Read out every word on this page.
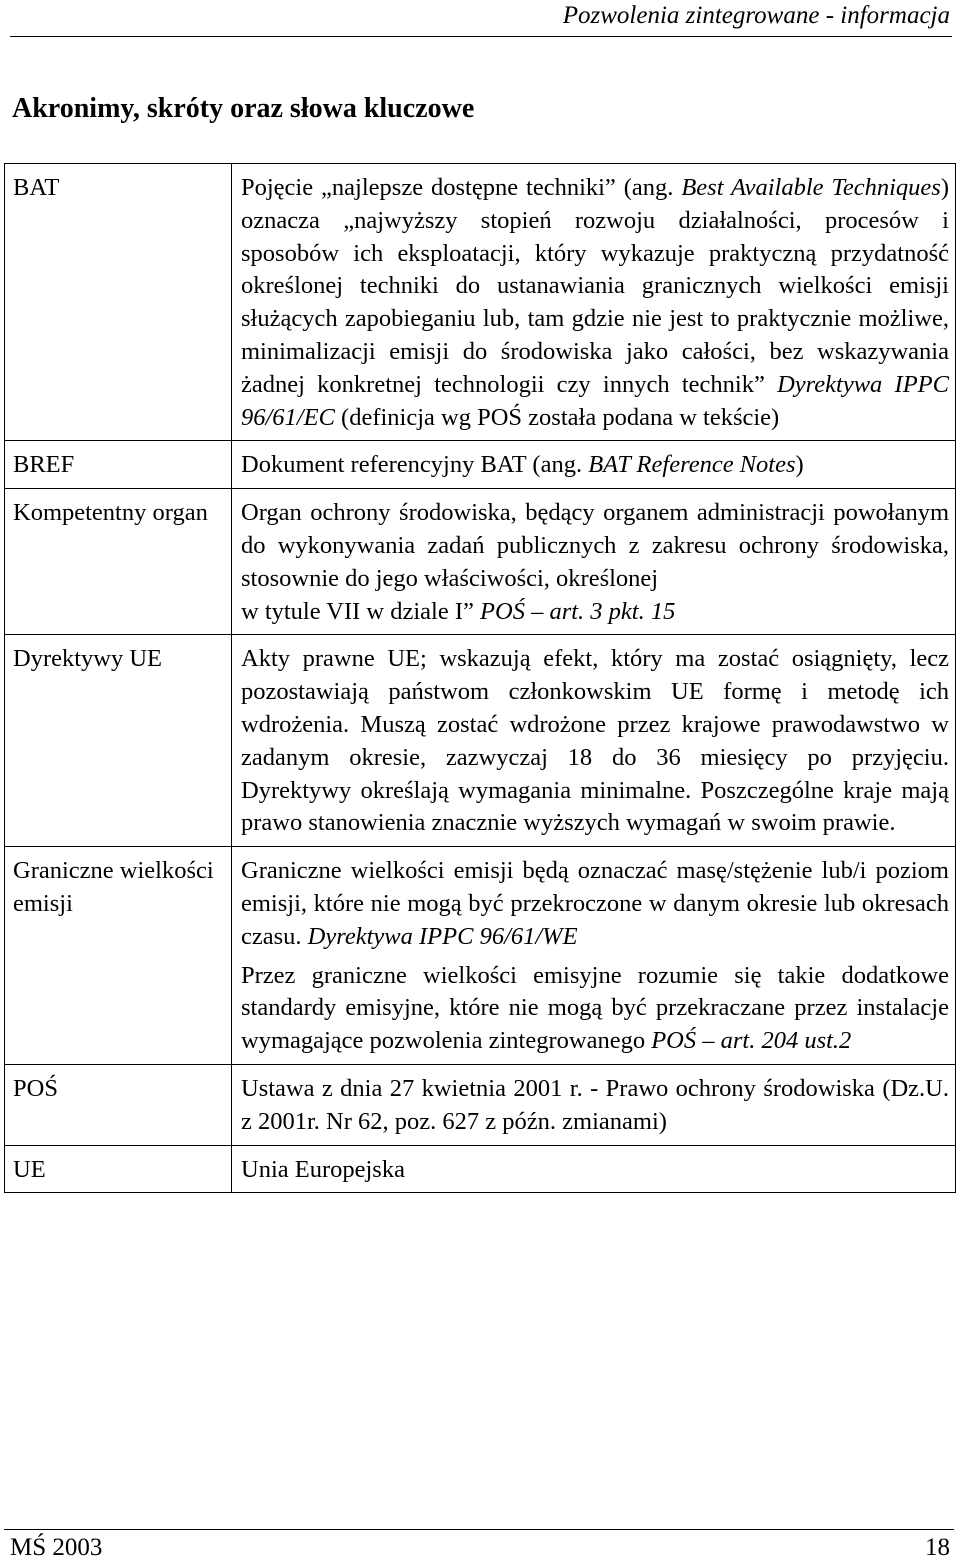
Pozwolenia zintegrowane - informacja
Akronimy, skróty oraz słowa kluczowe
BAT	Pojęcie „najlepsze dostępne techniki” (ang. Best Available Techniques) oznacza „najwyższy stopień rozwoju działalności, procesów i sposobów ich eksploatacji, który wykazuje praktyczną przydatność określonej techniki do ustanawiania granicznych wielkości emisji służących zapobieganiu lub, tam gdzie nie jest to praktycznie możliwe, minimalizacji emisji do środowiska jako całości, bez wskazywania żadnej konkretnej technologii czy innych technik” Dyrektywa IPPC 96/61/EC (definicja wg POŚ została podana w tekście)
BREF	Dokument referencyjny BAT (ang. BAT Reference Notes)
Kompetentny organ	Organ ochrony środowiska, będący organem administracji powołanym do wykonywania zadań publicznych z zakresu ochrony środowiska, stosownie do jego właściwości, określonej
w tytule VII w dziale I” POŚ – art. 3 pkt. 15
Dyrektywy UE	Akty prawne UE; wskazują efekt, który ma zostać osiągnięty, lecz pozostawiają państwom członkowskim UE formę i metodę ich wdrożenia. Muszą zostać wdrożone przez krajowe prawodawstwo w zadanym okresie, zazwyczaj 18 do 36 miesięcy po przyjęciu. Dyrektywy określają wymagania minimalne. Poszczególne kraje mają prawo stanowienia znacznie wyższych wymagań w swoim prawie.
Graniczne wielkości emisji	Graniczne wielkości emisji będą oznaczać masę/stężenie lub/i poziom emisji, które nie mogą być przekroczone w danym okresie lub okresach czasu. Dyrektywa IPPC 96/61/WE

Przez graniczne wielkości emisyjne rozumie się takie dodatkowe standardy emisyjne, które nie mogą być przekraczane przez instalacje wymagające pozwolenia zintegrowanego POŚ – art. 204 ust.2

POŚ	Ustawa z dnia 27 kwietnia 2001 r. - Prawo ochrony środowiska (Dz.U. z 2001r. Nr 62, poz. 627 z późn. zmianami)
UE	Unia Europejska
MŚ 2003	18
